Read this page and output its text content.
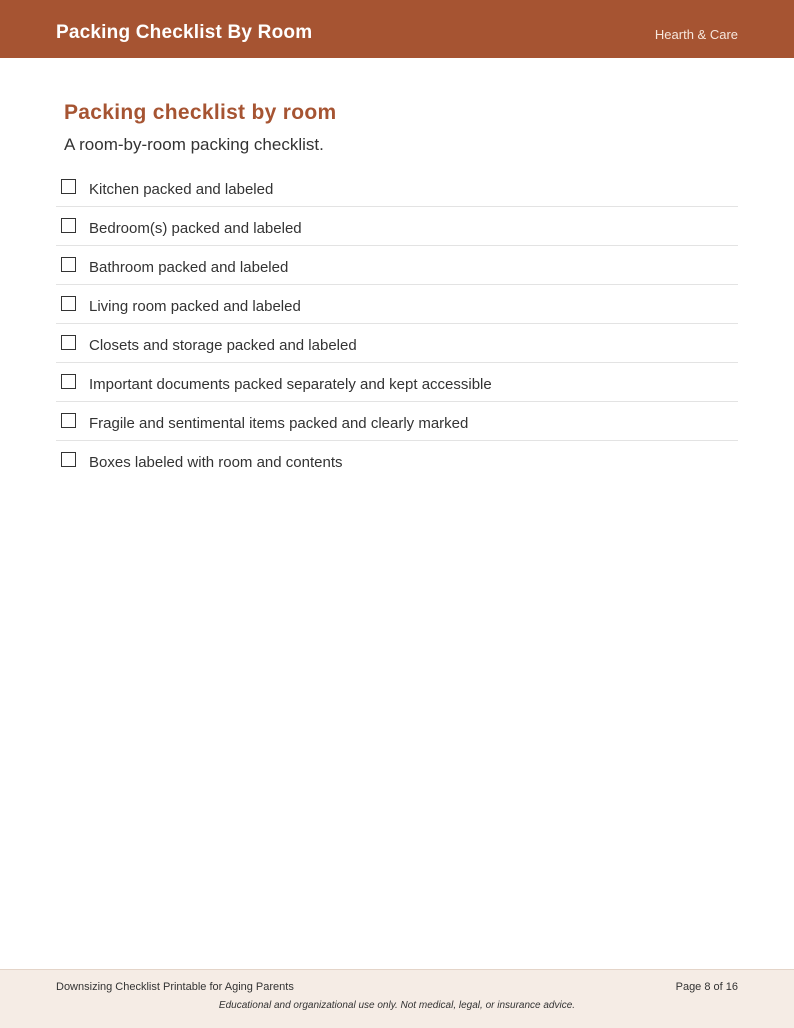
Packing Checklist By Room	Hearth & Care
Packing checklist by room

A room-by-room packing checklist.

Kitchen packed and labeled
Bedroom(s) packed and labeled
Bathroom packed and labeled
Living room packed and labeled
Closets and storage packed and labeled
Important documents packed separately and kept accessible
Fragile and sentimental items packed and clearly marked
Boxes labeled with room and contents
Downsizing Checklist Printable for Aging Parents	Page 8 of 16
Educational and organizational use only. Not medical, legal, or insurance advice.
